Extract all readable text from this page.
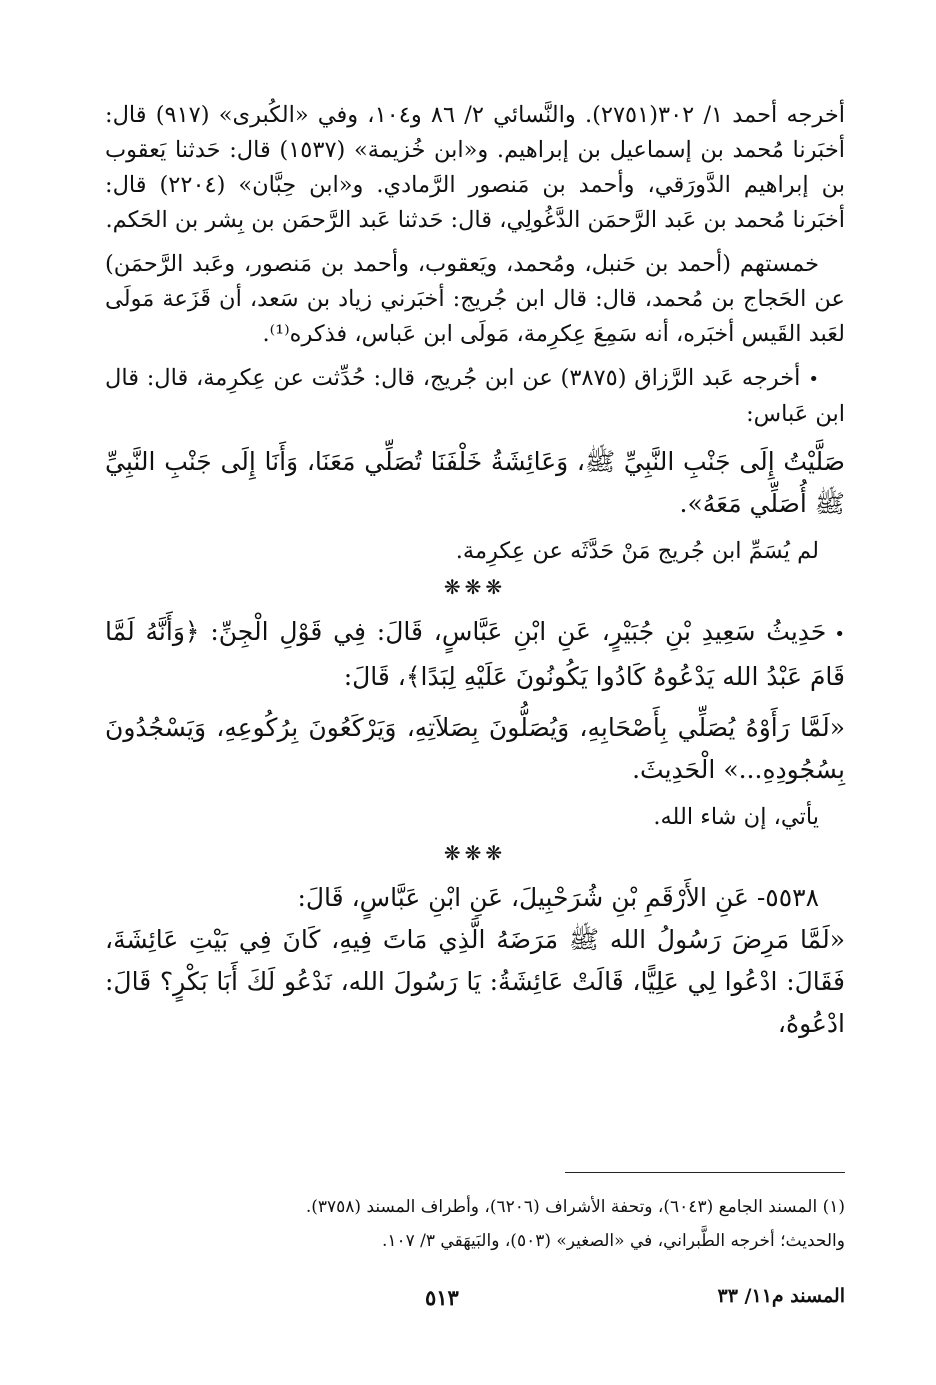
أخرجه أحمد ١/ ٣٠٢(٢٧٥١). والنَّسائي ٢/ ٨٦ و١٠٤، وفي «الكُبرى» (٩١٧) قال: أخبَرنا مُحمد بن إسماعيل بن إبراهيم. و«ابن خُزيمة» (١٥٣٧) قال: حَدثنا يَعقوب بن إبراهيم الدَّورَقي، وأحمد بن مَنصور الرَّمادي. و«ابن حِبَّان» (٢٢٠٤) قال: أخبَرنا مُحمد بن عَبد الرَّحمَن الدَّغُولِي، قال: حَدثنا عَبد الرَّحمَن بن بِشر بن الحَكم.

خمستهم (أحمد بن حَنبل، ومُحمد، ويَعقوب، وأحمد بن مَنصور، وعَبد الرَّحمَن) عن الحَجاج بن مُحمد، قال: قال ابن جُريج: أخبَرني زياد بن سَعد، أن قَزَعة مَولَى لعَبد القَيس أخبَره، أنه سَمِعَ عِكرِمة، مَولَى ابن عَباس، فذكره⁽¹⁾.

•أخرجه عَبد الرَّزاق (٣٨٧٥) عن ابن جُريج، قال: حُدِّثت عن عِكرِمة، قال: قال ابن عَباس:

صَلَّيْتُ إِلَى جَنْبِ النَّبِيِّ ﷺ، وَعَائِشَةُ خَلْفَنَا تُصَلِّي مَعَنَا، وَأَنَا إِلَى جَنْبِ النَّبِيِّ ﷺ أُصَلِّي مَعَهُ».

لم يُسَمِّ ابن جُريج مَنْ حَدَّثَه عن عِكرِمة.

❋❋❋

•حَدِيثُ سَعِيدِ بْنِ جُبَيْرٍ، عَنِ ابْنِ عَبَّاسٍ، قَالَ: فِي قَوْلِ الْجِنِّ: ﴿وَأَنَّهُ لَمَّا قَامَ عَبْدُ الله يَدْعُوهُ كَادُوا يَكُونُونَ عَلَيْهِ لِبَدًا﴾، قَالَ:

«لَمَّا رَأَوْهُ يُصَلِّي بِأَصْحَابِهِ، وَيُصَلُّونَ بِصَلاَتِهِ، وَيَرْكَعُونَ بِرُكُوعِهِ، وَيَسْجُدُونَ بِسُجُودِهِ...» الْحَدِيثَ.

يأتي، إن شاء الله.

❋❋❋

٥٥٣٨- عَنِ الأَرْقَمِ بْنِ شُرَحْبِيلَ، عَنِ ابْنِ عَبَّاسٍ، قَالَ:

«لَمَّا مَرِضَ رَسُولُ الله ﷺ مَرَضَهُ الَّذِي مَاتَ فِيهِ، كَانَ فِي بَيْتِ عَائِشَةَ، فَقَالَ: ادْعُوا لِي عَلِيًّا، قَالَتْ عَائِشَةُ: يَا رَسُولَ الله، نَدْعُو لَكَ أَبَا بَكْرٍ؟ قَالَ: ادْعُوهُ،

(١) المسند الجامع (٦٠٤٣)، وتحفة الأشراف (٦٢٠٦)، وأطراف المسند (٣٧٥٨).

والحديث؛ أخرجه الطَّبراني، في «الصغير» (٥٠٣)، والبَيهَقي ٣/ ١٠٧.

المسند م١١/ ٣٣
٥١٣
